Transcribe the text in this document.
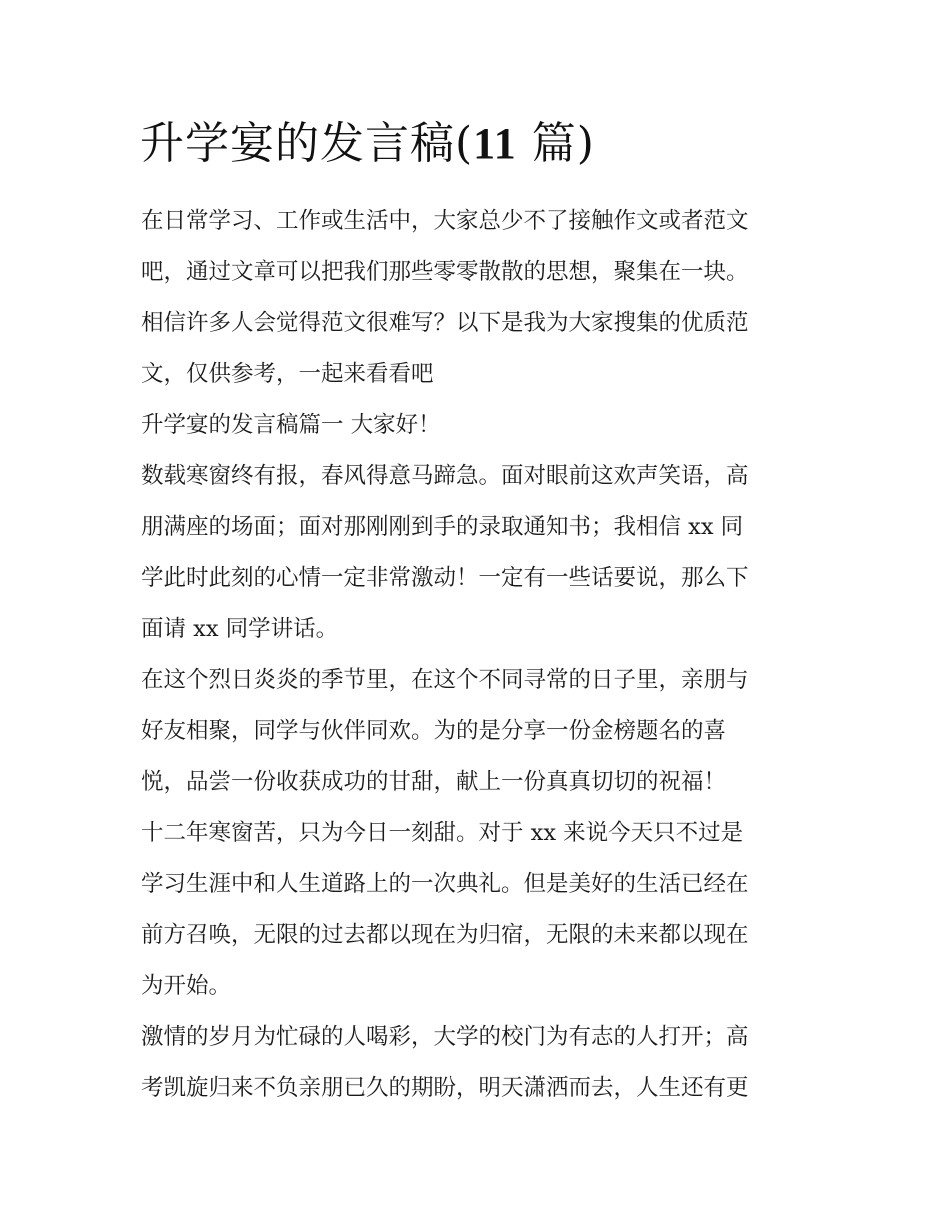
升学宴的发言稿(11 篇)

在日常学习、工作或生活中，大家总少不了接触作文或者范文

吧，通过文章可以把我们那些零零散散的思想，聚集在一块。

相信许多人会觉得范文很难写？以下是我为大家搜集的优质范

文，仅供参考，一起来看看吧

升学宴的发言稿篇一 大家好！

数载寒窗终有报，春风得意马蹄急。面对眼前这欢声笑语，高

朋满座的场面；面对那刚刚到手的录取通知书；我相信 xx 同

学此时此刻的心情一定非常激动！一定有一些话要说，那么下

面请 xx 同学讲话。

在这个烈日炎炎的季节里，在这个不同寻常的日子里，亲朋与

好友相聚，同学与伙伴同欢。为的是分享一份金榜题名的喜

悦，品尝一份收获成功的甘甜，献上一份真真切切的祝福！

十二年寒窗苦，只为今日一刻甜。对于 xx 来说今天只不过是

学习生涯中和人生道路上的一次典礼。但是美好的生活已经在

前方召唤，无限的过去都以现在为归宿，无限的未来都以现在

为开始。

激情的岁月为忙碌的人喝彩，大学的校门为有志的人打开；高

考凯旋归来不负亲朋已久的期盼，明天潇洒而去，人生还有更
